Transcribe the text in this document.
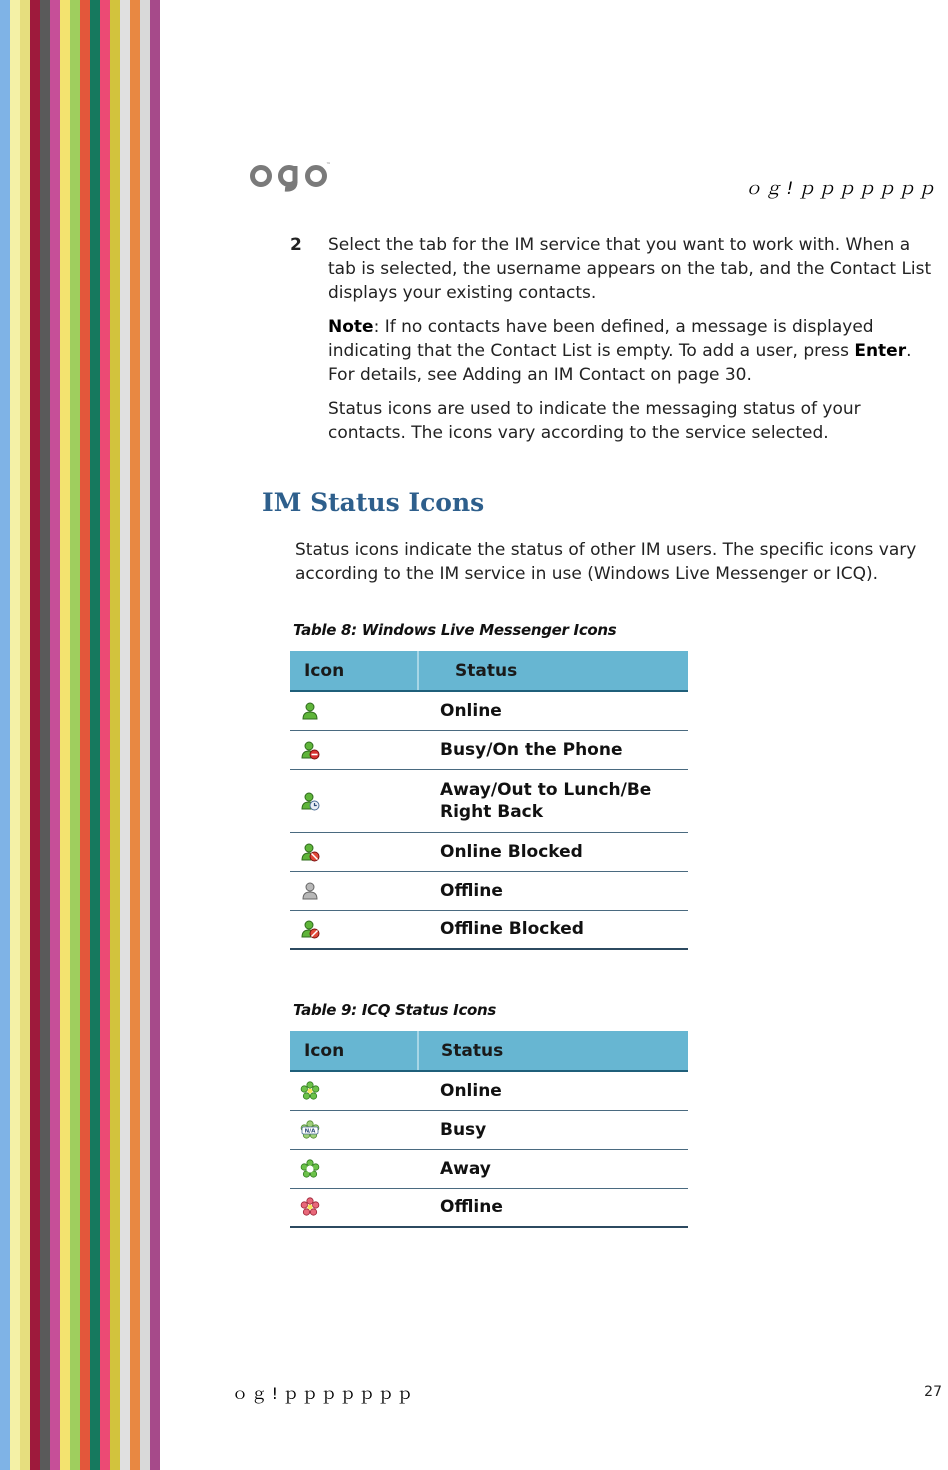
™
ｏｇ!ｐｐｐｐｐｐｐ
2 Select the tab for the IM service that you want to work with. When a tab is selected, the username appears on the tab, and the Contact List displays your existing contacts.

Note: If no contacts have been defined, a message is displayed indicating that the Contact List is empty. To add a user, press Enter. For details, see Adding an IM Contact on page 30.

Status icons are used to indicate the messaging status of your contacts. The icons vary according to the service selected.

IM Status Icons

Status icons indicate the status of other IM users. The specific icons vary according to the IM service in use (Windows Live Messenger or ICQ).

Table 8: Windows Live Messenger Icons
Icon	Status

	Online

	Busy/On the Phone

	Away/Out to Lunch/Be Right Back

	Online Blocked

	Offline

	Offline Blocked
Table 9: ICQ Status Icons
Icon	Status

	Online

N/A	Busy

	Away

	Offline
ｏｇ!ｐｐｐｐｐｐｐ	27
